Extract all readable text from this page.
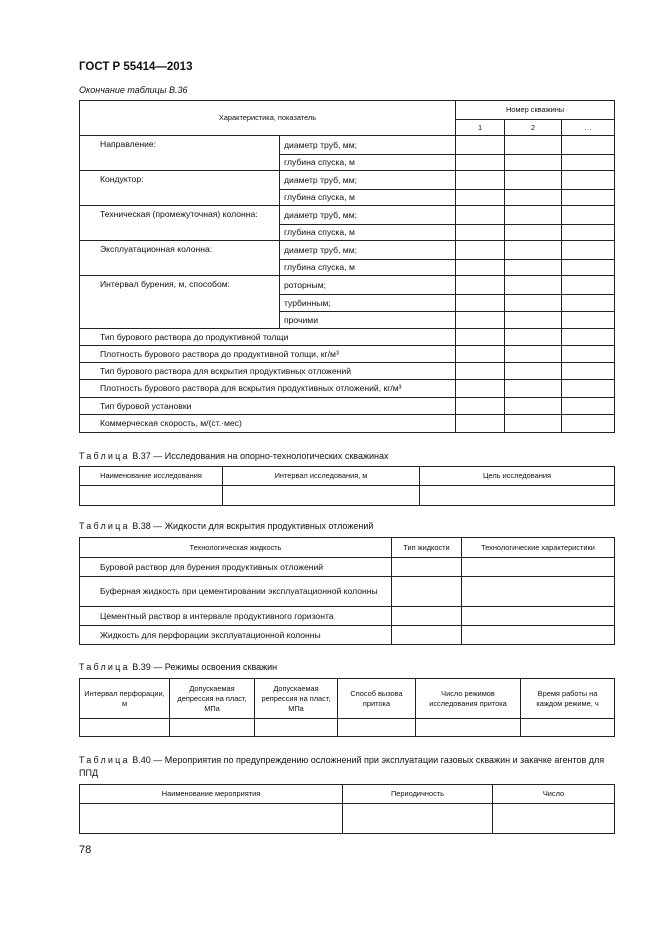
ГОСТ Р 55414—2013
Окончание таблицы В.36
Характеристика, показатель		Номер скважины		
		1	2	…
Направление:	диаметр труб, мм;			
	глубина спуска, м			
Кондуктор:	диаметр труб, мм;			
	глубина спуска, м			
Техническая (промежуточная) колонна:	диаметр труб, мм;			
	глубина спуска, м			
Эксплуатационная колонна:	диаметр труб, мм;			
	глубина спуска, м			
Интервал бурения, м, способом:	роторным;			
	турбинным;			
	прочими			
Тип бурового раствора до продуктивной толщи				
Плотность бурового раствора до продуктивной толщи, кг/м³				
Тип бурового раствора для вскрытия продуктивных отложений				
Плотность бурового раствора для вскрытия продуктивных отложений, кг/м³				
Тип буровой установки				
Коммерческая скорость, м/(ст.·мес)				
Таблица В.37 — Исследования на опорно-технологических скважинах
Наименование исследования	Интервал исследования, м	Цель исследования

Таблица В.38 — Жидкости для вскрытия продуктивных отложений
Технологическая жидкость	Тип жидкости	Технологические характеристики
Буровой раствор для бурения продуктивных отложений		
Буферная жидкость при цементировании эксплуатационной колонны		
Цементный раствор в интервале продуктивного горизонта		
Жидкость для перфорации эксплуатационной колонны		
Таблица В.39 — Режимы освоения скважин
Интервал перфорации, м	Допускаемая депрессия на пласт, МПа	Допускаемая репрессия на пласт, МПа	Способ вызова притока	Число режимов исследования притока	Время работы на каждом режиме, ч

Таблица В.40 — Мероприятия по предупреждению осложнений при эксплуатации газовых скважин и закачке агентов для ППД
Наименование мероприятия	Периодичность	Число

78
